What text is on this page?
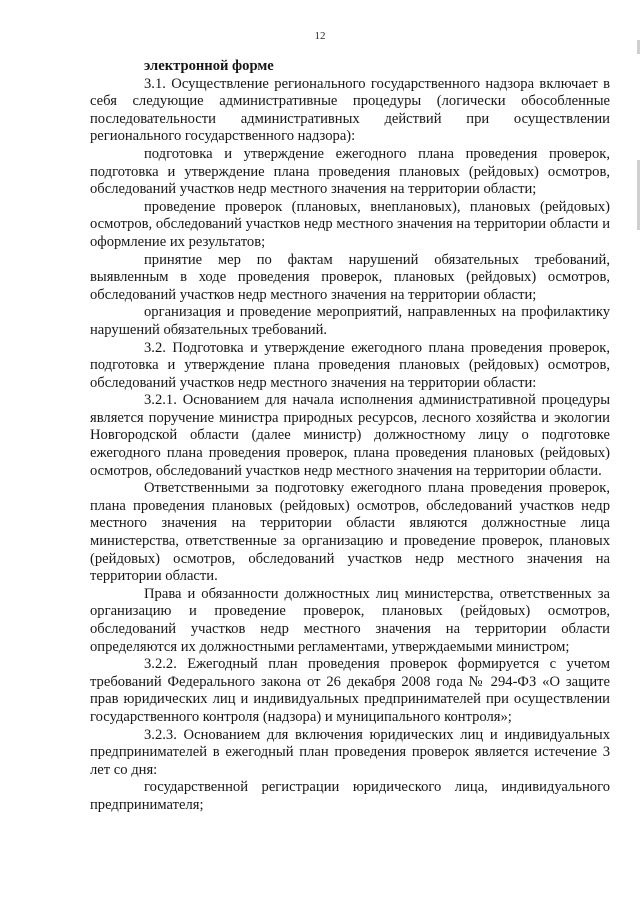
12

электронной форме

3.1. Осуществление регионального государственного надзора включает в себя следующие административные процедуры (логически обособленные последовательности административных действий при осуществлении регионального государственного надзора):

подготовка и утверждение ежегодного плана проведения проверок, подготовка и утверждение плана проведения плановых (рейдовых) осмотров, обследований участков недр местного значения на территории области;

проведение проверок (плановых, внеплановых), плановых (рейдовых) осмотров, обследований участков недр местного значения на территории области и оформление их результатов;

принятие мер по фактам нарушений обязательных требований, выявленным в ходе проведения проверок, плановых (рейдовых) осмотров, обследований участков недр местного значения на территории области;

организация и проведение мероприятий, направленных на профилактику нарушений обязательных требований.

3.2. Подготовка и утверждение ежегодного плана проведения проверок, подготовка и утверждение плана проведения плановых (рейдовых) осмотров, обследований участков недр местного значения на территории области:

3.2.1. Основанием для начала исполнения административной процедуры является поручение министра природных ресурсов, лесного хозяйства и экологии Новгородской области (далее министр) должностному лицу о подготовке ежегодного плана проведения проверок, плана проведения плановых (рейдовых) осмотров, обследований участков недр местного значения на территории области.

Ответственными за подготовку ежегодного плана проведения проверок, плана проведения плановых (рейдовых) осмотров, обследований участков недр местного значения на территории области являются должностные лица министерства, ответственные за организацию и проведение проверок, плановых (рейдовых) осмотров, обследований участков недр местного значения на территории области.

Права и обязанности должностных лиц министерства, ответственных за организацию и проведение проверок, плановых (рейдовых) осмотров, обследований участков недр местного значения на территории области определяются их должностными регламентами, утверждаемыми министром;

3.2.2. Ежегодный план проведения проверок формируется с учетом требований Федерального закона от 26 декабря 2008 года № 294-ФЗ «О защите прав юридических лиц и индивидуальных предпринимателей при осуществлении государственного контроля (надзора) и муниципального контроля»;

3.2.3. Основанием для включения юридических лиц и индивидуальных предпринимателей в ежегодный план проведения проверок является истечение 3 лет со дня:

государственной регистрации юридического лица, индивидуального предпринимателя;
